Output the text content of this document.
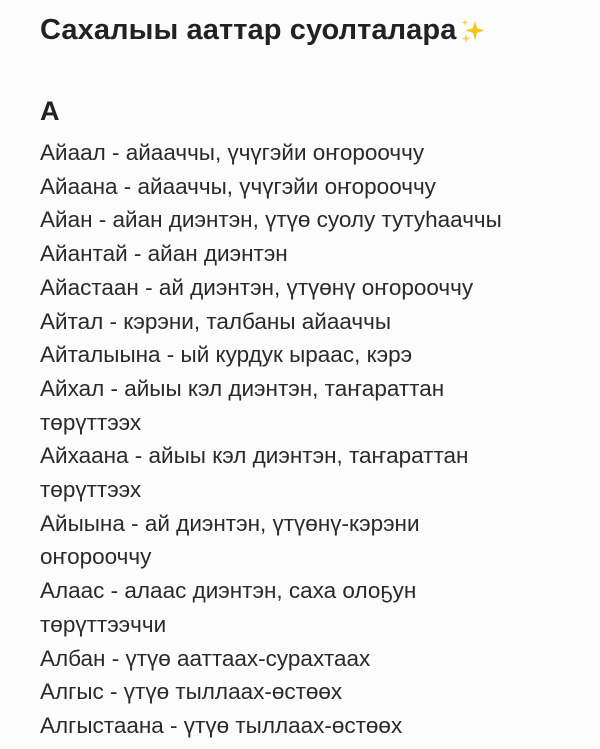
Сахалыы ааттар суолталара
А
Айаал - айааччы, үчүгэйи оҥорооччу
Айаана - айааччы, үчүгэйи оҥорооччу
Айан - айан диэнтэн, үтүө суолу тутуһааччы
Айантай - айан диэнтэн
Айастаан - ай диэнтэн, үтүөнү оҥорооччу
Айтал - кэрэни, талбаны айааччы
Айталыына - ый курдук ыраас, кэрэ
Айхал - айыы кэл диэнтэн, таҥараттан
төрүттээх
Айхаана - айыы кэл диэнтэн, таҥараттан
төрүттээх
Айыына - ай диэнтэн, үтүөнү-кэрэни
оҥорооччу
Алаас - алаас диэнтэн, саха олоҕун
төрүттээччи
Албан - үтүө ааттаах-сурахтаах
Алгыс - үтүө тыллаах-өстөөх
Алгыстаана - үтүө тыллаах-өстөөх
